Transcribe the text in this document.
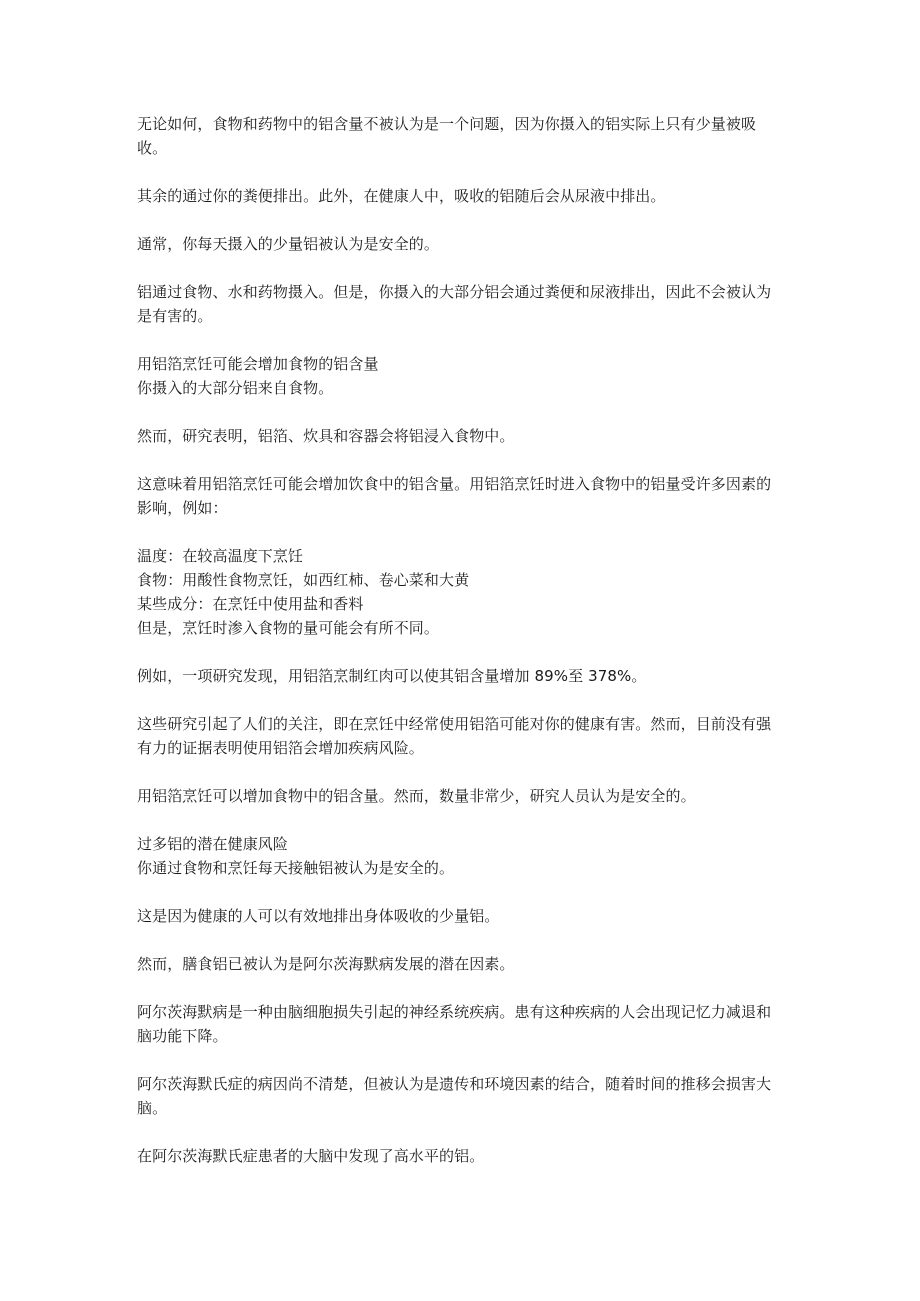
无论如何，食物和药物中的铝含量不被认为是一个问题，因为你摄入的铝实际上只有少量被吸收。

其余的通过你的粪便排出。此外，在健康人中，吸收的铝随后会从尿液中排出。

通常，你每天摄入的少量铝被认为是安全的。

铝通过食物、水和药物摄入。但是，你摄入的大部分铝会通过粪便和尿液排出，因此不会被认为是有害的。

用铝箔烹饪可能会增加食物的铝含量
你摄入的大部分铝来自食物。

然而，研究表明，铝箔、炊具和容器会将铝浸入食物中。

这意味着用铝箔烹饪可能会增加饮食中的铝含量。用铝箔烹饪时进入食物中的铝量受许多因素的影响，例如：

温度：在较高温度下烹饪
食物：用酸性食物烹饪，如西红柿、卷心菜和大黄
某些成分：在烹饪中使用盐和香料
但是，烹饪时渗入食物的量可能会有所不同。

例如，一项研究发现，用铝箔烹制红肉可以使其铝含量增加 89%至 378%。

这些研究引起了人们的关注，即在烹饪中经常使用铝箔可能对你的健康有害。然而，目前没有强有力的证据表明使用铝箔会增加疾病风险。

用铝箔烹饪可以增加食物中的铝含量。然而，数量非常少，研究人员认为是安全的。

过多铝的潜在健康风险
你通过食物和烹饪每天接触铝被认为是安全的。

这是因为健康的人可以有效地排出身体吸收的少量铝。

然而，膳食铝已被认为是阿尔茨海默病发展的潜在因素。

阿尔茨海默病是一种由脑细胞损失引起的神经系统疾病。患有这种疾病的人会出现记忆力减退和脑功能下降。

阿尔茨海默氏症的病因尚不清楚，但被认为是遗传和环境因素的结合，随着时间的推移会损害大脑。

在阿尔茨海默氏症患者的大脑中发现了高水平的铝。
